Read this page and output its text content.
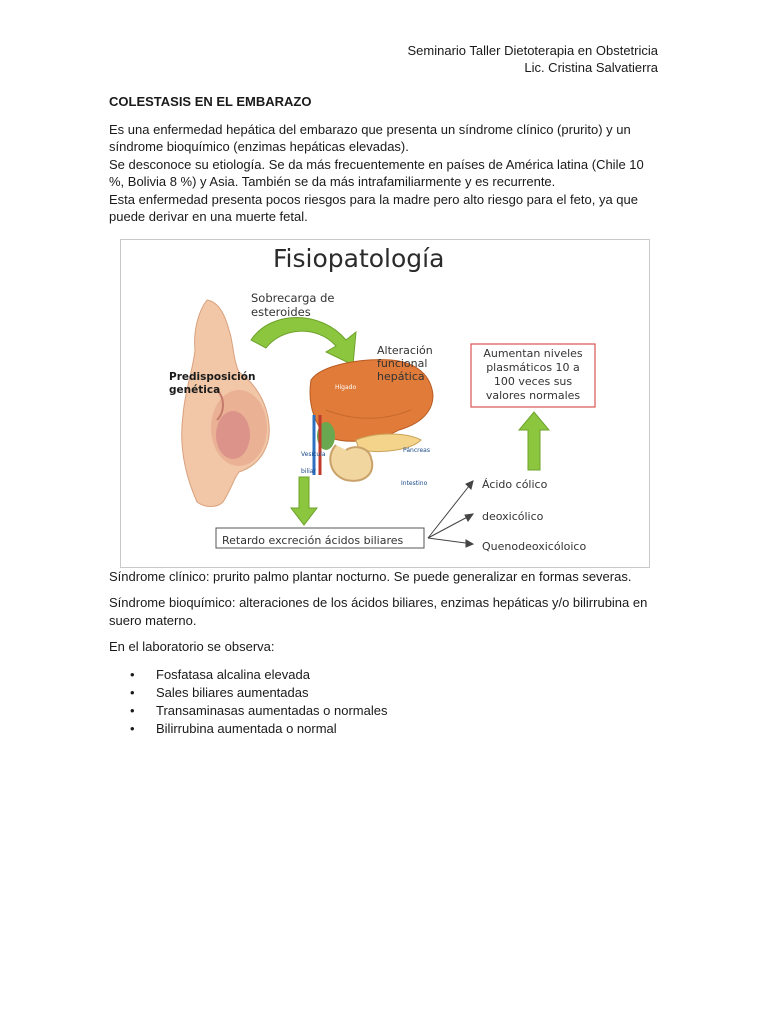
Seminario Taller Dietoterapia en Obstetricia
Lic. Cristina Salvatierra

COLESTASIS EN EL EMBARAZO

Es una enfermedad hepática del embarazo que presenta un síndrome clínico (prurito) y un síndrome bioquímico (enzimas hepáticas elevadas).

Se desconoce su etiología. Se da más frecuentemente en países de América latina (Chile 10 %, Bolivia 8 %) y Asia. También se da más intrafamiliarmente y es recurrente.

Esta enfermedad presenta pocos riesgos para la madre pero alto riesgo para el feto, ya que puede derivar en una muerte fetal.

Fisiopatología
Sobrecarga de
esteroides
Alteración
funcional
hepática
Predisposición
genética
Aumentan niveles
plasmáticos 10 a
100 veces sus
valores normales
Retardo excreción ácidos biliares
Ácido cólico
deoxicólico
Quenodeoxicóloico
Hígado
Vesícula
biliar
Páncreas
Intestino

Síndrome clínico: prurito palmo plantar nocturno. Se puede generalizar en formas severas.

Síndrome bioquímico: alteraciones de los ácidos biliares, enzimas hepáticas y/o bilirrubina en suero materno.

En el laboratorio se observa:

• Fosfatasa alcalina elevada
• Sales biliares aumentadas
• Transaminasas aumentadas o normales
• Bilirrubina aumentada o normal
